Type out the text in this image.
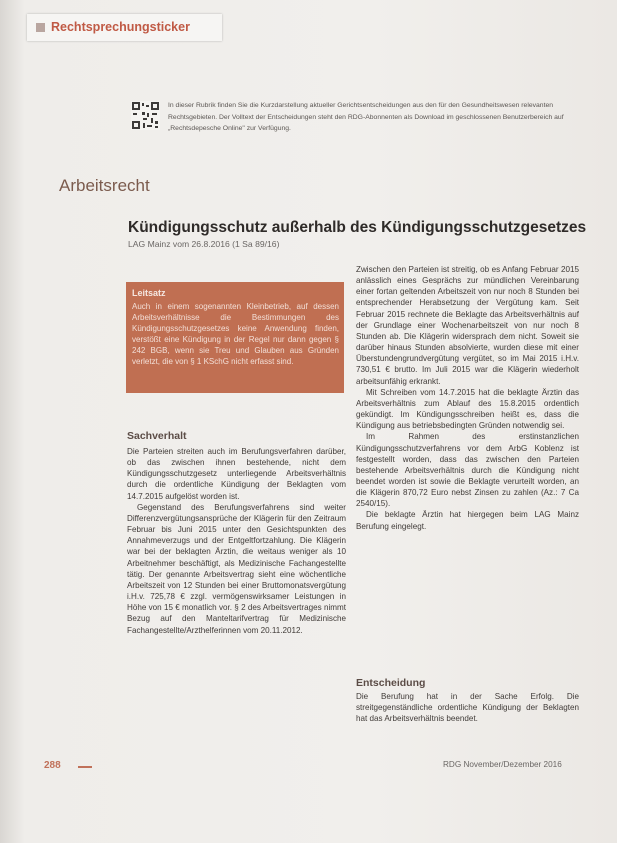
Rechtsprechungsticker
In dieser Rubrik finden Sie die Kurzdarstellung aktueller Gerichtsentscheidungen aus den für den Gesundheitswesen relevanten Rechtsgebieten. Der Volltext der Entscheidungen steht den RDG-Abonnenten als Download im geschlossenen Benutzerbereich auf „Rechtsdepesche Online" zur Verfügung.
Arbeitsrecht
Kündigungsschutz außerhalb des Kündigungsschutzgesetzes
LAG Mainz vom 26.8.2016 (1 Sa 89/16)
Leitsatz
Auch in einem sogenannten Kleinbetrieb, auf dessen Arbeitsverhältnisse die Bestimmungen des Kündigungsschutzgesetzes keine Anwendung finden, verstößt eine Kündigung in der Regel nur dann gegen § 242 BGB, wenn sie Treu und Glauben aus Gründen verletzt, die von § 1 KSchG nicht erfasst sind.
Sachverhalt

Die Parteien streiten auch im Berufungsverfahren darüber, ob das zwischen ihnen bestehende, nicht dem Kündigungsschutzgesetz unterliegende Arbeitsverhältnis durch die ordentliche Kündigung der Beklagten vom 14.7.2015 aufgelöst worden ist.

Gegenstand des Berufungsverfahrens sind weiter Differenzvergütungsansprüche der Klägerin für den Zeitraum Februar bis Juni 2015 unter den Gesichtspunkten des Annahmeverzugs und der Entgeltfortzahlung. Die Klägerin war bei der beklagten Ärztin, die weitaus weniger als 10 Arbeitnehmer beschäftigt, als Medizinische Fachangestellte tätig. Der genannte Arbeitsvertrag sieht eine wöchentliche Arbeitszeit von 12 Stunden bei einer Bruttomonatsvergütung i.H.v. 725,78 € zzgl. vermögenswirksamer Leistungen in Höhe von 15 € monatlich vor. § 2 des Arbeitsvertrages nimmt Bezug auf den Manteltarifvertrag für Medizinische Fachangestellte/Arzthelferinnen vom 20.11.2012.

Zwischen den Parteien ist streitig, ob es Anfang Februar 2015 anlässlich eines Gesprächs zur mündlichen Vereinbarung einer fortan geltenden Arbeitszeit von nur noch 8 Stunden bei entsprechender Herabsetzung der Vergütung kam. Seit Februar 2015 rechnete die Beklagte das Arbeitsverhältnis auf der Grundlage einer Wochenarbeitszeit von nur noch 8 Stunden ab. Die Klägerin widersprach dem nicht. Soweit sie darüber hinaus Stunden absolvierte, wurden diese mit einer Überstundengrundvergütung vergütet, so im Mai 2015 i.H.v. 730,51 € brutto. Im Juli 2015 war die Klägerin wiederholt arbeitsunfähig erkrankt.

Mit Schreiben vom 14.7.2015 hat die beklagte Ärztin das Arbeitsverhältnis zum Ablauf des 15.8.2015 ordentlich gekündigt. Im Kündigungsschreiben heißt es, dass die Kündigung aus betriebsbedingten Gründen notwendig sei.

Im Rahmen des erstinstanzlichen Kündigungsschutzverfahrens vor dem ArbG Koblenz ist festgestellt worden, dass das zwischen den Parteien bestehende Arbeitsverhältnis durch die Kündigung nicht beendet worden ist sowie die Beklagte verurteilt worden, an die Klägerin 870,72 Euro nebst Zinsen zu zahlen (Az.: 7 Ca 2540/15).

Die beklagte Ärztin hat hiergegen beim LAG Mainz Berufung eingelegt.

Entscheidung

Die Berufung hat in der Sache Erfolg. Die streitgegenständliche ordentliche Kündigung der Beklagten hat das Arbeitsverhältnis beendet.

288	RDG November/Dezember 2016
